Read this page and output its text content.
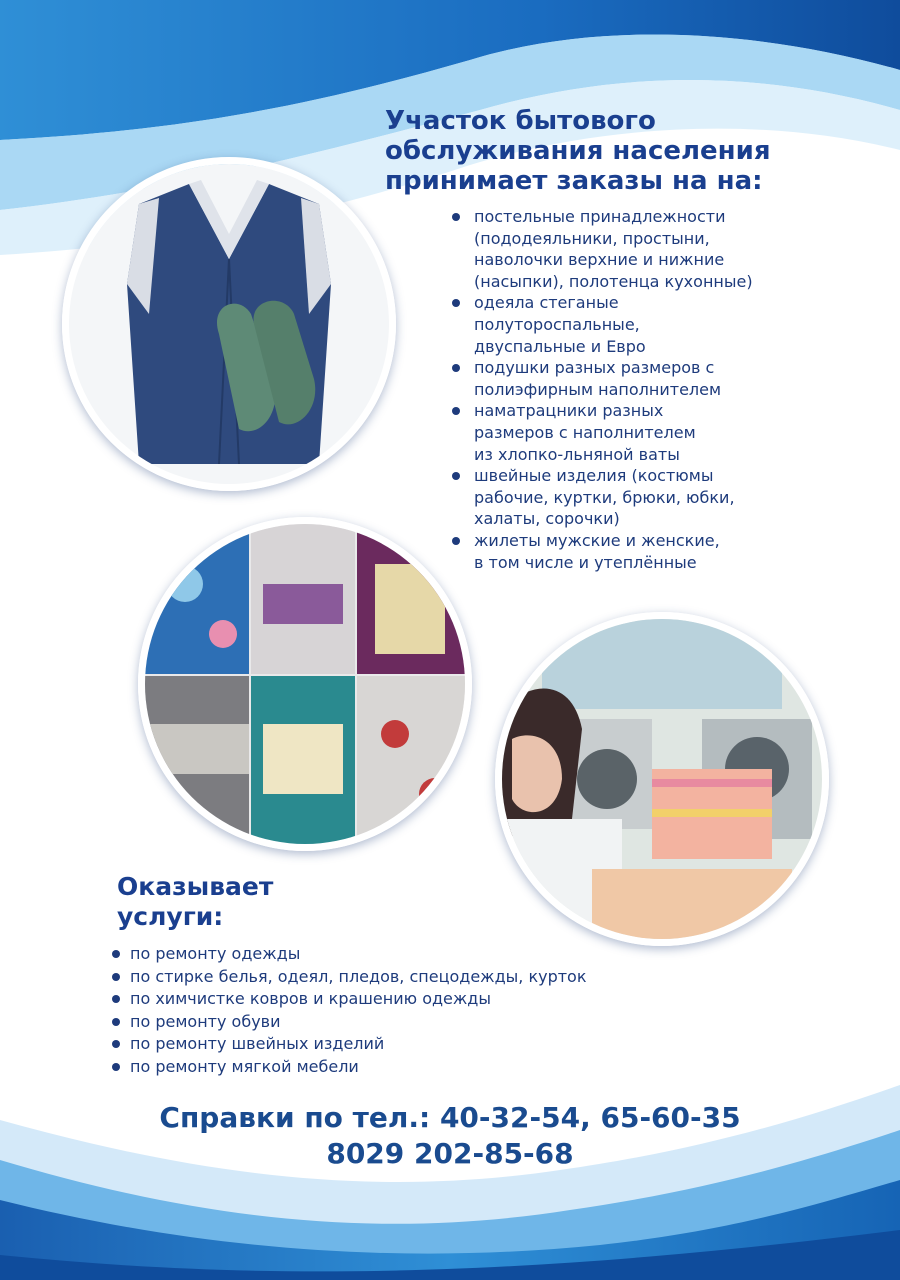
Участок бытового
обслуживания населения
принимает заказы на на:
постельные принадлежности
(пододеяльники, простыни,
наволочки верхние и нижние
(насыпки), полотенца кухонные)
одеяла стеганые
полутороспальные,
двуспальные и Евро
подушки разных размеров с
полиэфирным наполнителем
наматрацники разных
размеров с наполнителем
из хлопко-льняной ваты
швейные изделия (костюмы
рабочие, куртки, брюки, юбки,
халаты, сорочки)
жилеты мужские и женские,
в том числе и утеплённые
Оказывает
услуги:
по ремонту одежды
по стирке белья, одеял, пледов, спецодежды, курток
по химчистке ковров и крашению одежды
по ремонту обуви
по ремонту швейных изделий
по ремонту мягкой мебели
Справки по тел.: 40-32-54, 65-60-35
8029 202-85-68
